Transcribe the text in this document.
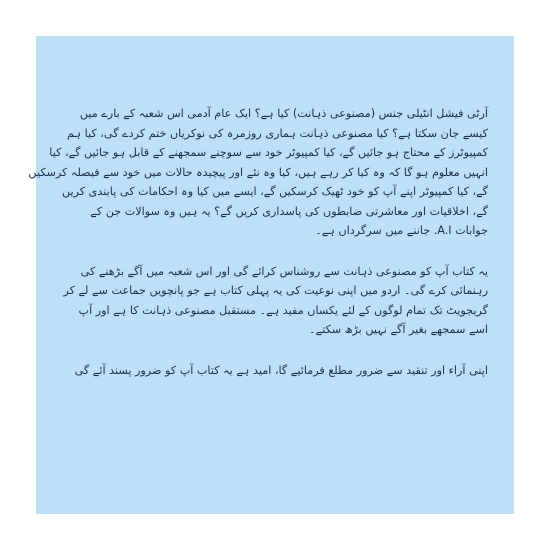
آرٹی فیشل انٹیلی جنس (مصنوعی ذہانت) کیا ہے؟ ایک عام آدمی اس شعبہ کے بارے میں
کیسے جان سکتا ہے؟ کیا مصنوعی ذہانت ہماری روزمرہ کی نوکریاں ختم کردے گی، کیا ہم
کمپیوٹرز کے محتاج ہو جائیں گے، کیا کمپیوٹر خود سے سوچنے سمجھنے کے قابل ہو جائیں گے، کیا
انہیں معلوم ہو گا کہ وہ کیا کر رہے ہیں، کیا وہ نئے اور پیچیدہ حالات میں خود سے فیصلہ کرسکیں
گے، کیا کمپیوٹر اپنے آپ کو خود ٹھیک کرسکیں گے، ایسے میں کیا وہ احکامات کی پابندی کریں
گے، اخلاقیات اور معاشرتی ضابطوں کی پاسداری کریں گے؟ یہ ہیں وہ سوالات جن کے
جوابات A.I. جاننے میں سرگرداں ہے۔

یہ کتاب آپ کو مصنوعی ذہانت سے روشناس کرائے گی اور اس شعبہ میں آگے بڑھنے کی
رہنمائی کرے گی۔ اردو میں اپنی نوعیت کی یہ پہلی کتاب ہے جو پانچویں جماعت سے لے کر
گریجویٹ تک تمام لوگوں کے لئے یکساں مفید ہے۔ مستقبل مصنوعی ذہانت کا ہے اور آپ
اسے سمجھے بغیر آگے نہیں بڑھ سکتے۔

اپنی آراء اور تنقید سے ضرور مطلع فرمائیے گا، امید ہے یہ کتاب آپ کو ضرور پسند آئے گی
